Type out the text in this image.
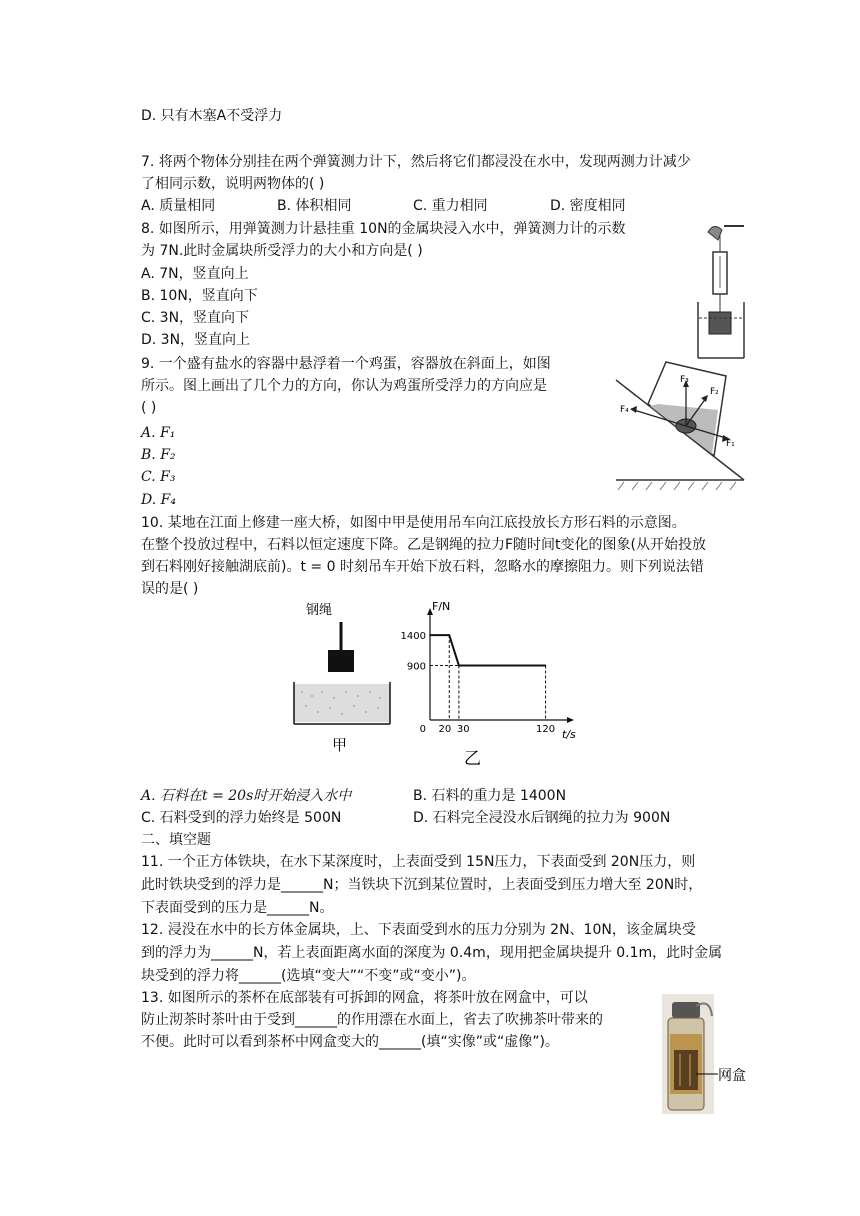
D. 只有木塞A不受浮力
7. 将两个物体分别挂在两个弹簧测力计下，然后将它们都浸没在水中，发现两测力计减少
了相同示数，说明两物体的( )
A. 质量相同	B. 体积相同	C. 重力相同	D. 密度相同
8. 如图所示，用弹簧测力计悬挂重 10N的金属块浸入水中，弹簧测力计的示数
为 7N.此时金属块所受浮力的大小和方向是( )
A. 7N，竖直向上
B. 10N，竖直向下
C. 3N，竖直向下
D. 3N，竖直向上
9. 一个盛有盐水的容器中悬浮着一个鸡蛋，容器放在斜面上，如图
所示。图上画出了几个力的方向，你认为鸡蛋所受浮力的方向应是
( )
A. F₁
B. F₂
C. F₃
D. F₄
F₃
F₂
F₄
F₁
10. 某地在江面上修建一座大桥，如图中甲是使用吊车向江底投放长方形石料的示意图。
在整个投放过程中，石料以恒定速度下降。乙是钢绳的拉力F随时间t变化的图象(从开始投放
到石料刚好接触湖底前)。t = 0 时刻吊车开始下放石料，忽略水的摩擦阻力。则下列说法错
误的是( )
钢绳
甲
F/N
t/s
900
1400
0 20 30	120
乙
A. 石料在t = 20s时开始浸入水中	B. 石料的重力是 1400N
C. 石料受到的浮力始终是 500N	D. 石料完全浸没水后钢绳的拉力为 900N
二、填空题
11. 一个正方体铁块，在水下某深度时，上表面受到 15N压力，下表面受到 20N压力，则
此时铁块受到的浮力是______N；当铁块下沉到某位置时，上表面受到压力增大至 20N时，
下表面受到的压力是______N。
12. 浸没在水中的长方体金属块，上、下表面受到水的压力分别为 2N、10N，该金属块受
到的浮力为______N，若上表面距离水面的深度为 0.4m，现用把金属块提升 0.1m，此时金属
块受到的浮力将______(选填“变大”“不变”或“变小”)。
13. 如图所示的茶杯在底部装有可拆卸的网盒，将茶叶放在网盒中，可以
防止沏茶时茶叶由于受到______的作用漂在水面上，省去了吹拂茶叶带来的
不便。此时可以看到茶杯中网盒变大的______(填“实像”或“虚像”)。
网盒
